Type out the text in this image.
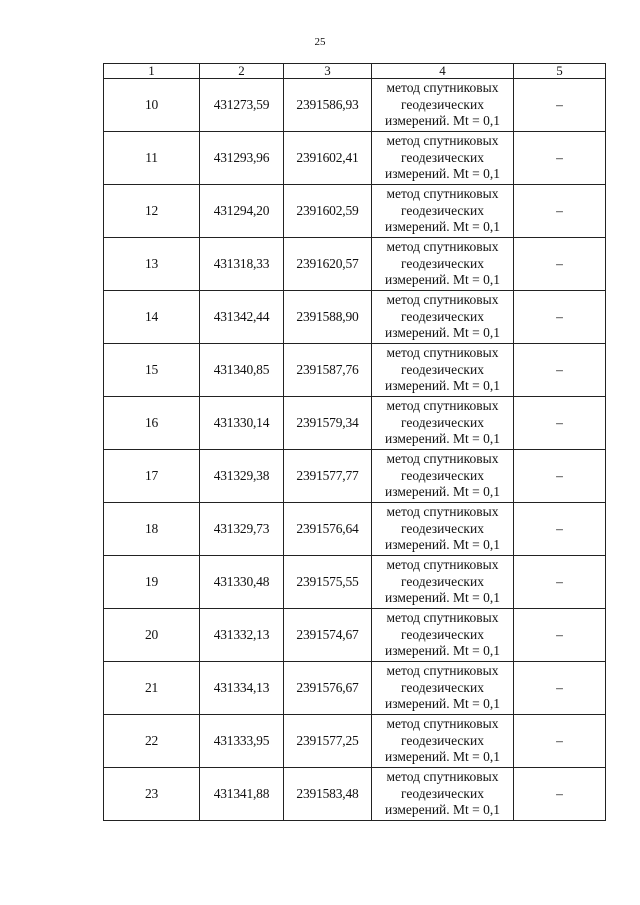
25
1	2	3	4	5
10	431273,59	2391586,93	метод спутниковых
геодезических
измерений. Mt = 0,1	–
11	431293,96	2391602,41	метод спутниковых
геодезических
измерений. Mt = 0,1	–
12	431294,20	2391602,59	метод спутниковых
геодезических
измерений. Mt = 0,1	–
13	431318,33	2391620,57	метод спутниковых
геодезических
измерений. Mt = 0,1	–
14	431342,44	2391588,90	метод спутниковых
геодезических
измерений. Mt = 0,1	–
15	431340,85	2391587,76	метод спутниковых
геодезических
измерений. Mt = 0,1	–
16	431330,14	2391579,34	метод спутниковых
геодезических
измерений. Mt = 0,1	–
17	431329,38	2391577,77	метод спутниковых
геодезических
измерений. Mt = 0,1	–
18	431329,73	2391576,64	метод спутниковых
геодезических
измерений. Mt = 0,1	–
19	431330,48	2391575,55	метод спутниковых
геодезических
измерений. Mt = 0,1	–
20	431332,13	2391574,67	метод спутниковых
геодезических
измерений. Mt = 0,1	–
21	431334,13	2391576,67	метод спутниковых
геодезических
измерений. Mt = 0,1	–
22	431333,95	2391577,25	метод спутниковых
геодезических
измерений. Mt = 0,1	–
23	431341,88	2391583,48	метод спутниковых
геодезических
измерений. Mt = 0,1	–
